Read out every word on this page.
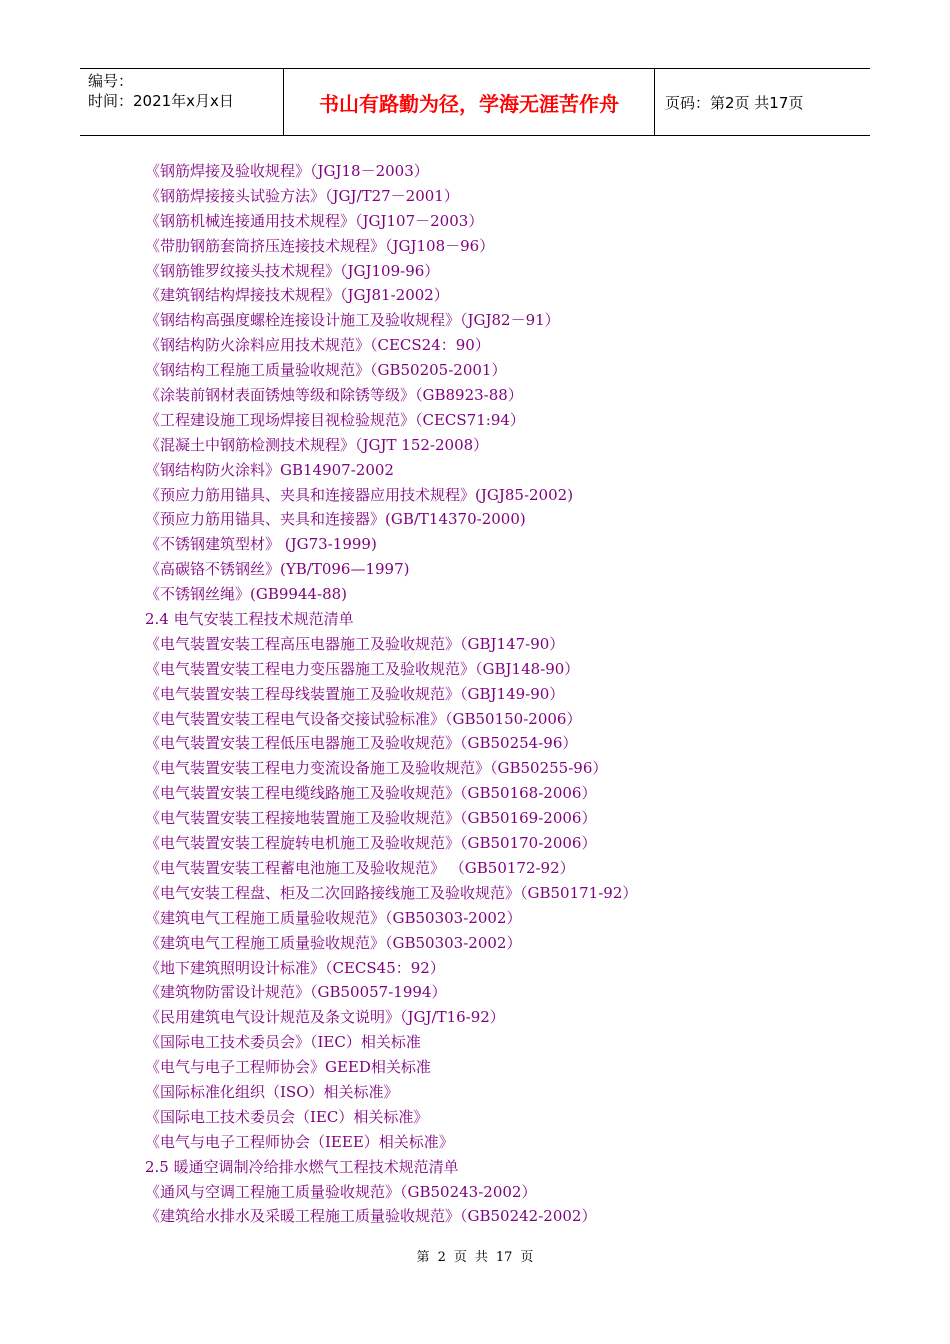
编号：
时间：2021年x月x日	书山有路勤为径，学海无涯苦作舟	页码：第2页 共17页
《钢筋焊接及验收规程》（JGJ18－2003）
《钢筋焊接接头试验方法》（JGJ/T27－2001）
《钢筋机械连接通用技术规程》（JGJ107－2003）
《带肋钢筋套筒挤压连接技术规程》（JGJ108－96）
《钢筋锥罗纹接头技术规程》（JGJ109-96）
《建筑钢结构焊接技术规程》（JGJ81-2002）
《钢结构高强度螺栓连接设计施工及验收规程》（JGJ82－91）
《钢结构防火涂料应用技术规范》（CECS24：90）
《钢结构工程施工质量验收规范》（GB50205-2001）
《涂装前钢材表面锈烛等级和除锈等级》（GB8923-88）
《工程建设施工现场焊接目视检验规范》（CECS71:94）
《混凝土中钢筋检测技术规程》（JGJT 152-2008）
《钢结构防火涂料》GB14907-2002
《预应力筋用锚具、夹具和连接器应用技术规程》(JGJ85-2002)
《预应力筋用锚具、夹具和连接器》(GB/T14370-2000)
《不锈钢建筑型材》 (JG73-1999)
《高碳铬不锈钢丝》(YB/T096—1997)
《不锈钢丝绳》(GB9944-88)
2.4 电气安装工程技术规范清单
《电气装置安装工程高压电器施工及验收规范》（GBJ147-90）
《电气装置安装工程电力变压器施工及验收规范》（GBJ148-90）
《电气装置安装工程母线装置施工及验收规范》（GBJ149-90）
《电气装置安装工程电气设备交接试验标准》（GB50150-2006）
《电气装置安装工程低压电器施工及验收规范》（GB50254-96）
《电气装置安装工程电力变流设备施工及验收规范》（GB50255-96）
《电气装置安装工程电缆线路施工及验收规范》（GB50168-2006）
《电气装置安装工程接地装置施工及验收规范》（GB50169-2006）
《电气装置安装工程旋转电机施工及验收规范》（GB50170-2006）
《电气装置安装工程蓄电池施工及验收规范》 （GB50172-92）
《电气安装工程盘、柜及二次回路接线施工及验收规范》（GB50171-92）
《建筑电气工程施工质量验收规范》（GB50303-2002）
《建筑电气工程施工质量验收规范》（GB50303-2002）
《地下建筑照明设计标准》（CECS45：92）
《建筑物防雷设计规范》（GB50057-1994）
《民用建筑电气设计规范及条文说明》（JGJ/T16-92）
《国际电工技术委员会》（IEC）相关标准
《电气与电子工程师协会》GEED相关标准
《国际标准化组织（ISO）相关标准》
《国际电工技术委员会（IEC）相关标准》
《电气与电子工程师协会（IEEE）相关标准》
2.5 暖通空调制冷给排水燃气工程技术规范清单
《通风与空调工程施工质量验收规范》（GB50243-2002）
《建筑给水排水及采暖工程施工质量验收规范》（GB50242-2002）
第 2 页 共 17 页
